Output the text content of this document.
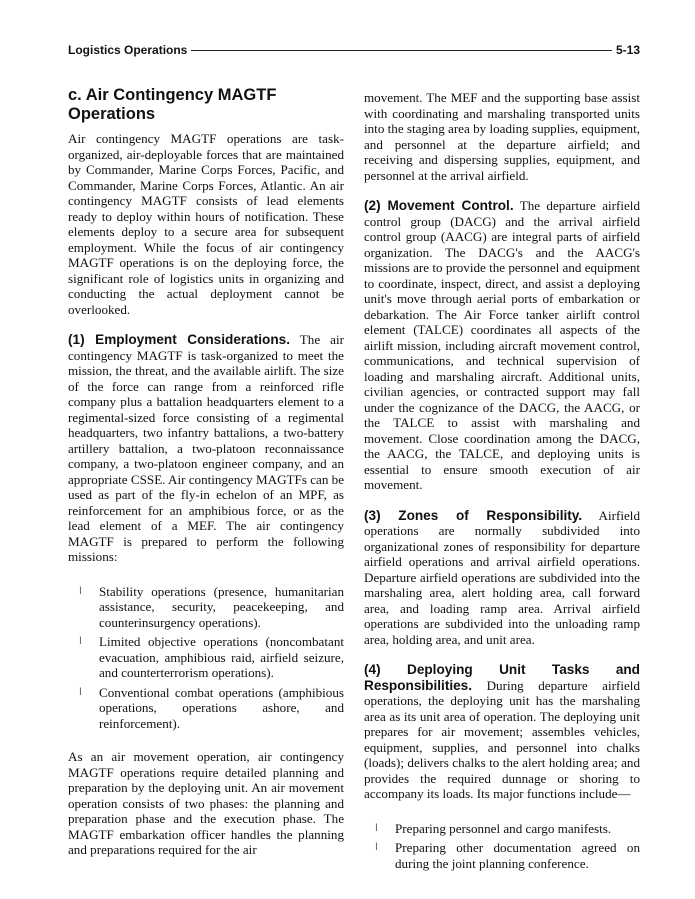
Logistics Operations	5-13
c. Air Contingency MAGTF Operations

Air contingency MAGTF operations are task-organized, air-deployable forces that are maintained by Commander, Marine Corps Forces, Pacific, and Commander, Marine Corps Forces, Atlantic. An air contingency MAGTF consists of lead elements ready to deploy within hours of notification. These elements deploy to a secure area for subsequent employment. While the focus of air contingency MAGTF operations is on the deploying force, the significant role of logistics units in organizing and conducting the actual deployment cannot be overlooked.

(1) Employment Considerations. The air contingency MAGTF is task-organized to meet the mission, the threat, and the available airlift. The size of the force can range from a reinforced rifle company plus a battalion headquarters element to a regimental-sized force consisting of a regimental headquarters, two infantry battalions, a two-battery artillery battalion, a two-platoon reconnaissance company, a two-platoon engineer company, and an appropriate CSSE. Air contingency MAGTFs can be used as part of the fly-in echelon of an MPF, as reinforcement for an amphibious force, or as the lead element of a MEF. The air contingency MAGTF is prepared to perform the following missions:

l Stability operations (presence, humanitarian assistance, security, peacekeeping, and counterinsurgency operations).
l Limited objective operations (noncombatant evacuation, amphibious raid, airfield seizure, and counterterrorism operations).
l Conventional combat operations (amphibious operations, operations ashore, and reinforcement).

As an air movement operation, air contingency MAGTF operations require detailed planning and preparation by the deploying unit. An air movement operation consists of two phases: the planning and preparation phase and the execution phase. The MAGTF embarkation officer handles the planning and preparations required for the air

movement. The MEF and the supporting base assist with coordinating and marshaling transported units into the staging area by loading supplies, equipment, and personnel at the departure airfield; and receiving and dispersing supplies, equipment, and personnel at the arrival airfield.

(2) Movement Control. The departure airfield control group (DACG) and the arrival airfield control group (AACG) are integral parts of airfield organization. The DACG's and the AACG's missions are to provide the personnel and equipment to coordinate, inspect, direct, and assist a deploying unit's move through aerial ports of embarkation or debarkation. The Air Force tanker airlift control element (TALCE) coordinates all aspects of the airlift mission, including aircraft movement control, communications, and technical supervision of loading and marshaling aircraft. Additional units, civilian agencies, or contracted support may fall under the cognizance of the DACG, the AACG, or the TALCE to assist with marshaling and movement. Close coordination among the DACG, the AACG, the TALCE, and deploying units is essential to ensure smooth execution of air movement.

(3) Zones of Responsibility. Airfield operations are normally subdivided into organizational zones of responsibility for departure airfield operations and arrival airfield operations. Departure airfield operations are subdivided into the marshaling area, alert holding area, call forward area, and loading ramp area. Arrival airfield operations are subdivided into the unloading ramp area, holding area, and unit area.

(4) Deploying Unit Tasks and Responsibilities. During departure airfield operations, the deploying unit has the marshaling area as its unit area of operation. The deploying unit prepares for air movement; assembles vehicles, equipment, supplies, and personnel into chalks (loads); delivers chalks to the alert holding area; and provides the required dunnage or shoring to accompany its loads. Its major functions include—

l Preparing personnel and cargo manifests.
l Preparing other documentation agreed on during the joint planning conference.
